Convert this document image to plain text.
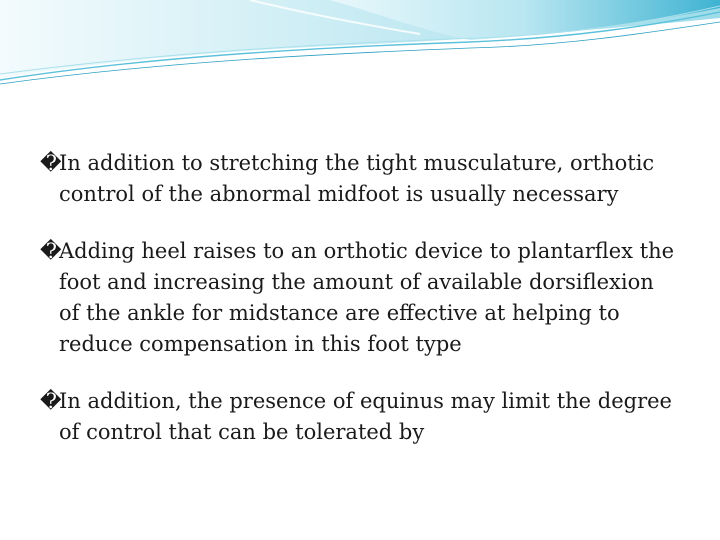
�
In addition to stretching the tight musculature, orthotic control of the abnormal midfoot is usually necessary
�
Adding heel raises to an orthotic device to plantarflex the foot and increasing the amount of available dorsiflexion of the ankle for midstance are effective at helping to reduce compensation in this foot type
�
In addition, the presence of equinus may limit the degree of control that can be tolerated by
